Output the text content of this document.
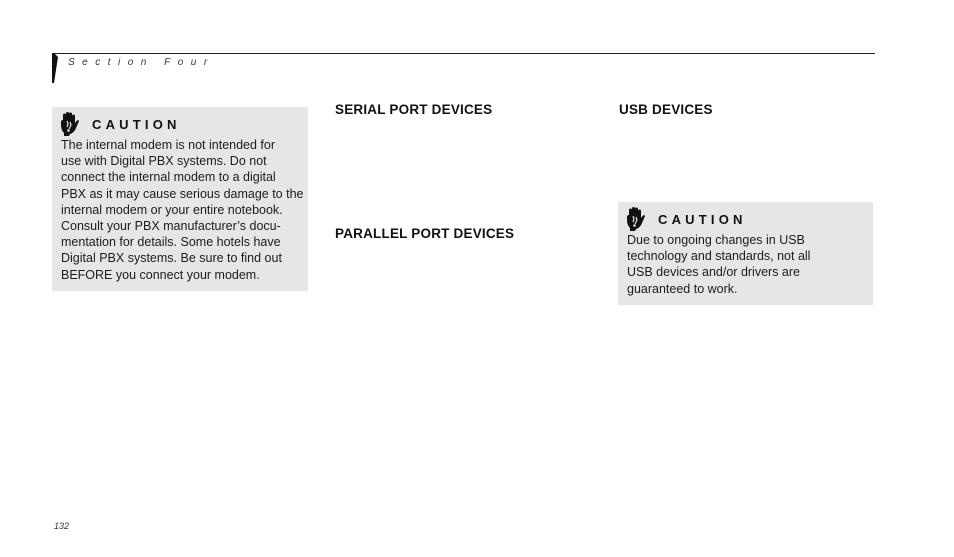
Section Four
CAUTION
The internal modem is not intended for
use with Digital PBX systems. Do not
connect the internal modem to a digital
PBX as it may cause serious damage to the
internal modem or your entire notebook.
Consult your PBX manufacturer’s docu-
mentation for details. Some hotels have
Digital PBX systems. Be sure to find out
BEFORE you connect your modem.
SERIAL PORT DEVICES
PARALLEL PORT DEVICES
USB DEVICES
CAUTION
Due to ongoing changes in USB
technology and standards, not all
USB devices and/or drivers are
guaranteed to work.
132
